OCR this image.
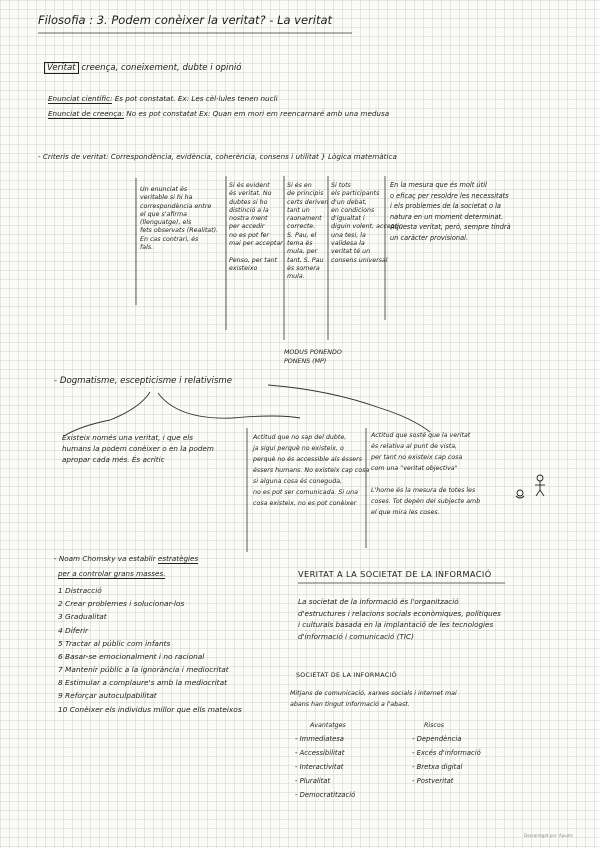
Filosofia : 3. Podem conèixer la veritat? - La veritat
Veritat creença, coneixement, dubte i opinió
Enunciat científic: Es pot constatat. Ex: Les cèl·lules tenen nucli
Enunciat de creença: No es pot constatat Ex: Quan em mori em reencarnaré amb una medusa
- Criteris de veritat: Correspondència, evidència, coherència, consens i utilitat } Lògica matemàtica
Un enunciat és
veritable si hi ha
correspondència entre
el que s'afirma
(llenguatge), els
fets observats (Realitat).
En cas contrari, és
fals.
Si és evident
és veritat. No
dubtes si ho
distinció a la
nostra ment
per accedir
no es pot fer
mai per acceptar

Penso, per tant
existeixo
Si és en
de principis
certs deriven
tant un
raonament
correcte.
S. Pau, el
tema és
mula, per
tant, S. Pau
és somera
mula.
Si tots
els participants
d'un debat,
en condicions
d'igualtat i
diguin volent, acceptin
una tesi, la
validesa la
veritat té un
consens universal
En la mesura que és molt útil
o eficaç per resoldre les necessitats
i els problemes de la societat o la
natura en un moment determinat.
Aquesta veritat, però, sempre tindrà
un caràcter provisional.
MODUS PONENDO
PONENS (MP)
- Dogmatisme, escepticisme i relativisme
Existeix només una veritat, i que els
humans la podem conèixer o en la podem
apropar cada més. És acrític
Actitud que no sap del dubte,
ja sigui perquè no existeix, o
perquè no és accessible als éssers
éssers humans. No existeix cap cosa
si alguna cosa és coneguda,
no es pot ser comunicada. Si una
cosa existeix, no es pot conèixer
Actitud que sosté que la veritat
és relativa al punt de vista,
per tant no existeix cap cosa
com una "veritat objectiva"

L'home és la mesura de totes les
coses. Tot depèn del subjecte amb
el que mira les coses.
- Noam Chomsky va establir estratègies
per a controlar grans masses.
1 Distracció
2 Crear problemes i solucionar-los
3 Gradualitat
4 Diferir
5 Tractar al públic com infants
6 Basar-se emocionalment i no racional
7 Mantenir públic a la ignorància i mediocritat
8 Estimular a complaure's amb la mediocritat
9 Reforçar autoculpabilitat
10 Conèixer els individus millor que ells mateixos
VERITAT A LA SOCIETAT DE LA INFORMACIÓ
La societat de la informació és l'organització
d'estructures i relacions socials econòmiques, polítiques
i culturals basada en la implantació de les tecnologies
d'informació i comunicació (TIC)
SOCIETAT DE LA INFORMACIÓ
Mitjans de comunicació, xarxes socials i internet mai
abans han tingut informació a l'abast.
Avantatges
- Immediatesa
- Accessibilitat
- Interactivitat
- Pluralitat
- Democratització
Riscos
- Dependència
- Excés d'informació
- Bretxa digital
- Postveritat
Descarregat per: Apunts
